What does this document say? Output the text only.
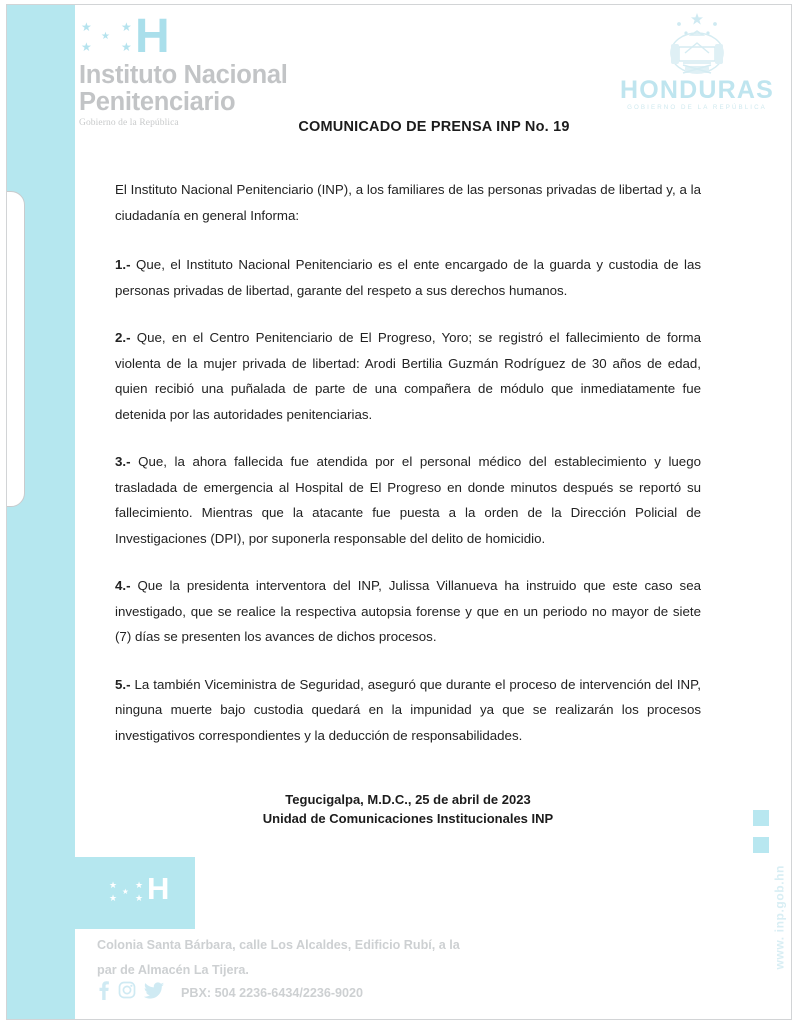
★
★
★
★
★ H
Instituto Nacional
Penitenciario
Gobierno de la República
HONDURAS
GOBIERNO DE LA REPÚBLICA
COMUNICADO DE PRENSA INP No. 19

El Instituto Nacional Penitenciario (INP), a los familiares de las personas privadas de libertad y, a la ciudadanía en general Informa:

1.- Que, el Instituto Nacional Penitenciario es el ente encargado de la guarda y custodia de las personas privadas de libertad, garante del respeto a sus derechos humanos.

2.- Que, en el Centro Penitenciario de El Progreso, Yoro; se registró el fallecimiento de forma violenta de la mujer privada de libertad: Arodi Bertilia Guzmán Rodríguez de 30 años de edad, quien recibió una puñalada de parte de una compañera de módulo que inmediatamente fue detenida por las autoridades penitenciarias.

3.- Que, la ahora fallecida fue atendida por el personal médico del establecimiento y luego trasladada de emergencia al Hospital de El Progreso en donde minutos después se reportó su fallecimiento. Mientras que la atacante fue puesta a la orden de la Dirección Policial de Investigaciones (DPI), por suponerla responsable del delito de homicidio.

4.- Que la presidenta interventora del INP, Julissa Villanueva ha instruido que este caso sea investigado, que se realice la respectiva autopsia forense y que en un periodo no mayor de siete (7) días se presenten los avances de dichos procesos.

5.- La también Viceministra de Seguridad, aseguró que durante el proceso de intervención del INP, ninguna muerte bajo custodia quedará en la impunidad ya que se realizarán los procesos investigativos correspondientes y la deducción de responsabilidades.

Tegucigalpa, M.D.C., 25 de abril de 2023
Unidad de Comunicaciones Institucionales INP
★
★
★
★
★ H
Colonia Santa Bárbara, calle Los Alcaldes, Edificio Rubí, a la
par de Almacén La Tijera.
PBX: 504 2236-6434/2236-9020
www. inp.gob.hn
